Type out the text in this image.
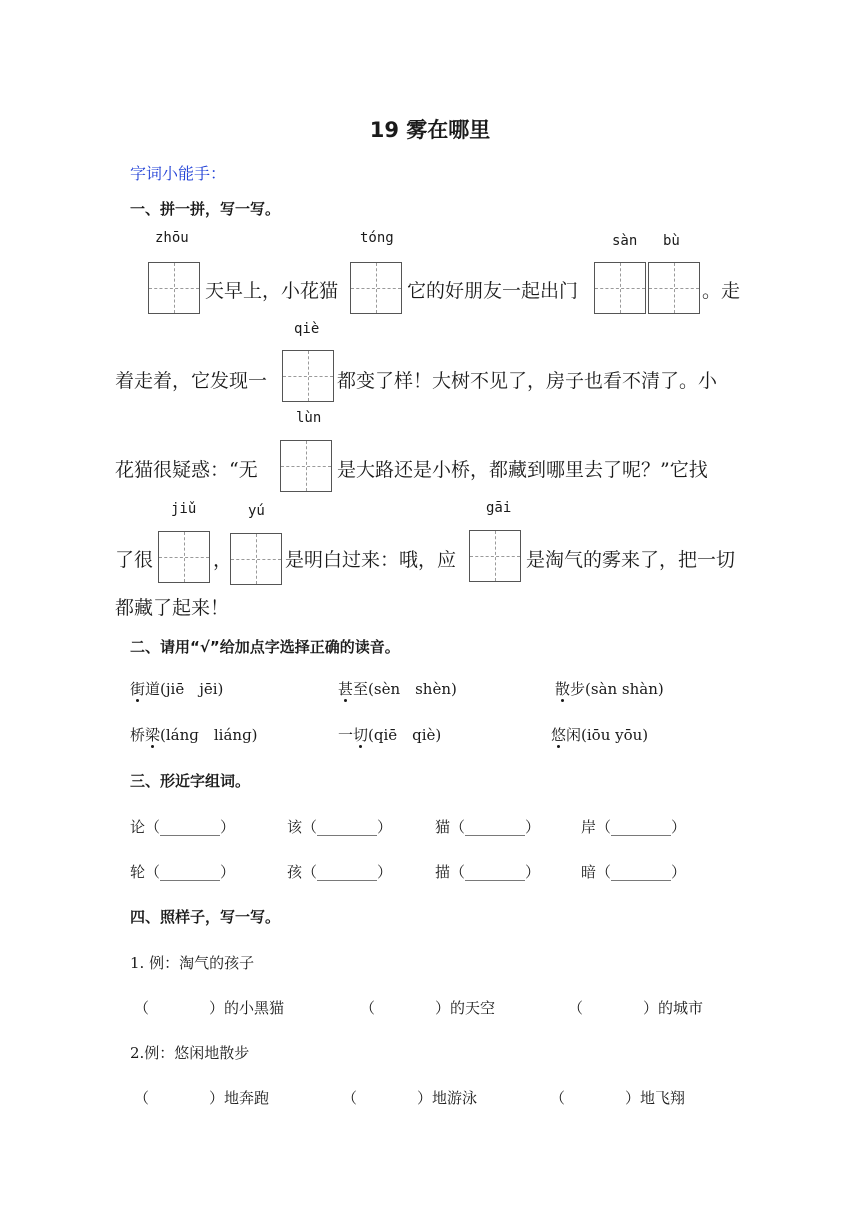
19 雾在哪里
字词小能手：
一、拼一拼，写一写。
zhōu	tóng	sàn bù
天早上，小花猫	它的好朋友一起出门	。走
qiè
着走着，它发现一	都变了样！大树不见了，房子也看不清了。小
lùn
花猫很疑惑：“无	是大路还是小桥，都藏到哪里去了呢？”它找
jiǔ	yú	gāi
了很	，	是明白过来：哦，应	是淘气的雾来了，把一切
都藏了起来！
二、请用“√”给加点字选择正确的读音。
街道(jiē　jēi)	甚至(sèn　shèn)	散步(sàn shàn)
桥梁(lánɡ　liánɡ)	一切(qiē　qiè)	悠闲(iōu yōu)
三、形近字组词。
论（________）	该（________）	猫（________）	岸（________）
轮（________）	孩（________）	描（________）	暗（________）
四、照样子，写一写。
1. 例：淘气的孩子
（　　　　）的小黑猫	（　　　　）的天空	（　　　　）的城市
2.例：悠闲地散步
（　　　　）地奔跑	（　　　　）地游泳	（　　　　）地飞翔
